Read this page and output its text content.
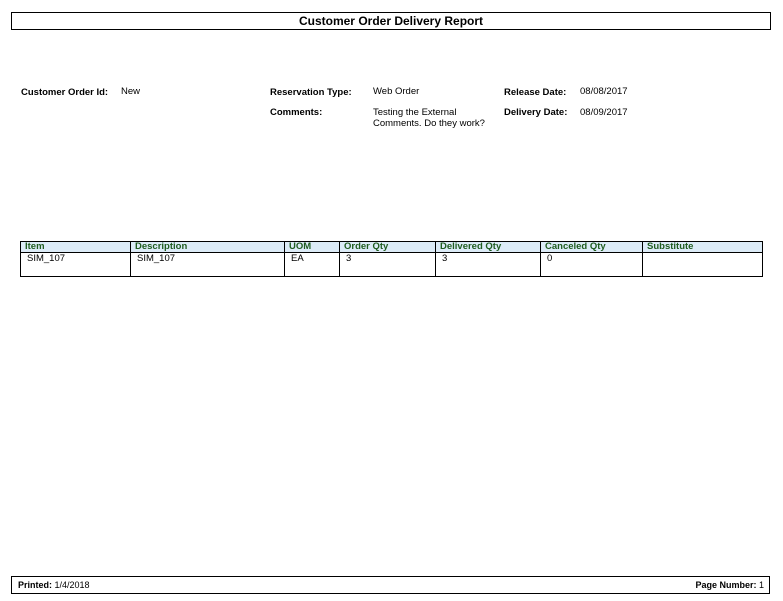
Customer Order Delivery Report
Customer Order Id: New	Reservation Type: Web Order
Comments:	Testing the External
Comments. Do they work?
Release Date: 08/08/2017
Delivery Date: 08/09/2017
Item	Description	UOM	Order Qty	Delivered Qty	Canceled Qty	Substitute
SIM_107	SIM_107	EA	3	3	0	
Printed: 1/4/2018	Page Number: 1
